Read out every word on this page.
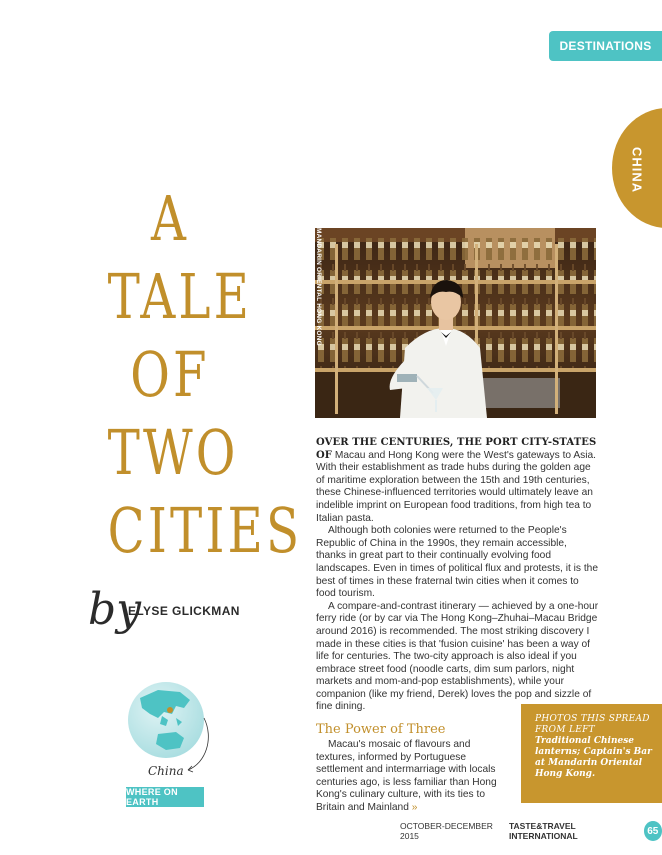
DESTINATIONS
CHINA
A
TALE
OF
TWO
CITIES
by
ELYSE GLICKMAN
China
WHERE ON EARTH
MANDARIN ORIENTAL HONG KONG

OVER THE CENTURIES, THE PORT CITY-STATES OF Macau and Hong Kong were the West's gateways to Asia. With their establishment as trade hubs during the golden age of maritime exploration between the 15th and 19th centuries, these Chinese-influenced territories would ultimately leave an indelible imprint on European food traditions, from high tea to Italian pasta.

Although both colonies were returned to the People's Republic of China in the 1990s, they remain accessible, thanks in great part to their continually evolving food landscapes. Even in times of political flux and protests, it is the best of times in these fraternal twin cities when it comes to food tourism.

A compare-and-contrast itinerary — achieved by a one-hour ferry ride (or by car via The Hong Kong–Zhuhai–Macau Bridge around 2016) is recommended. The most striking discovery I made in these cities is that 'fusion cuisine' has been a way of life for centuries. The two-city approach is also ideal if you embrace street food (noodle carts, dim sum parlors, night markets and mom-and-pop establishments), while your companion (like my friend, Derek) loves the pop and sizzle of

fine dining.

The Power of Three

Macau's mosaic of flavours and textures, informed by Portuguese settlement and intermarriage with locals centuries ago, is less familiar than Hong Kong's culinary culture, with its ties to Britain and Mainland »

PHOTOS THIS SPREAD FROM LEFT
Traditional Chinese lanterns; Captain's Bar at Mandarin Oriental Hong Kong.
OCTOBER-DECEMBER 2015
TASTE&TRAVEL INTERNATIONAL	65
